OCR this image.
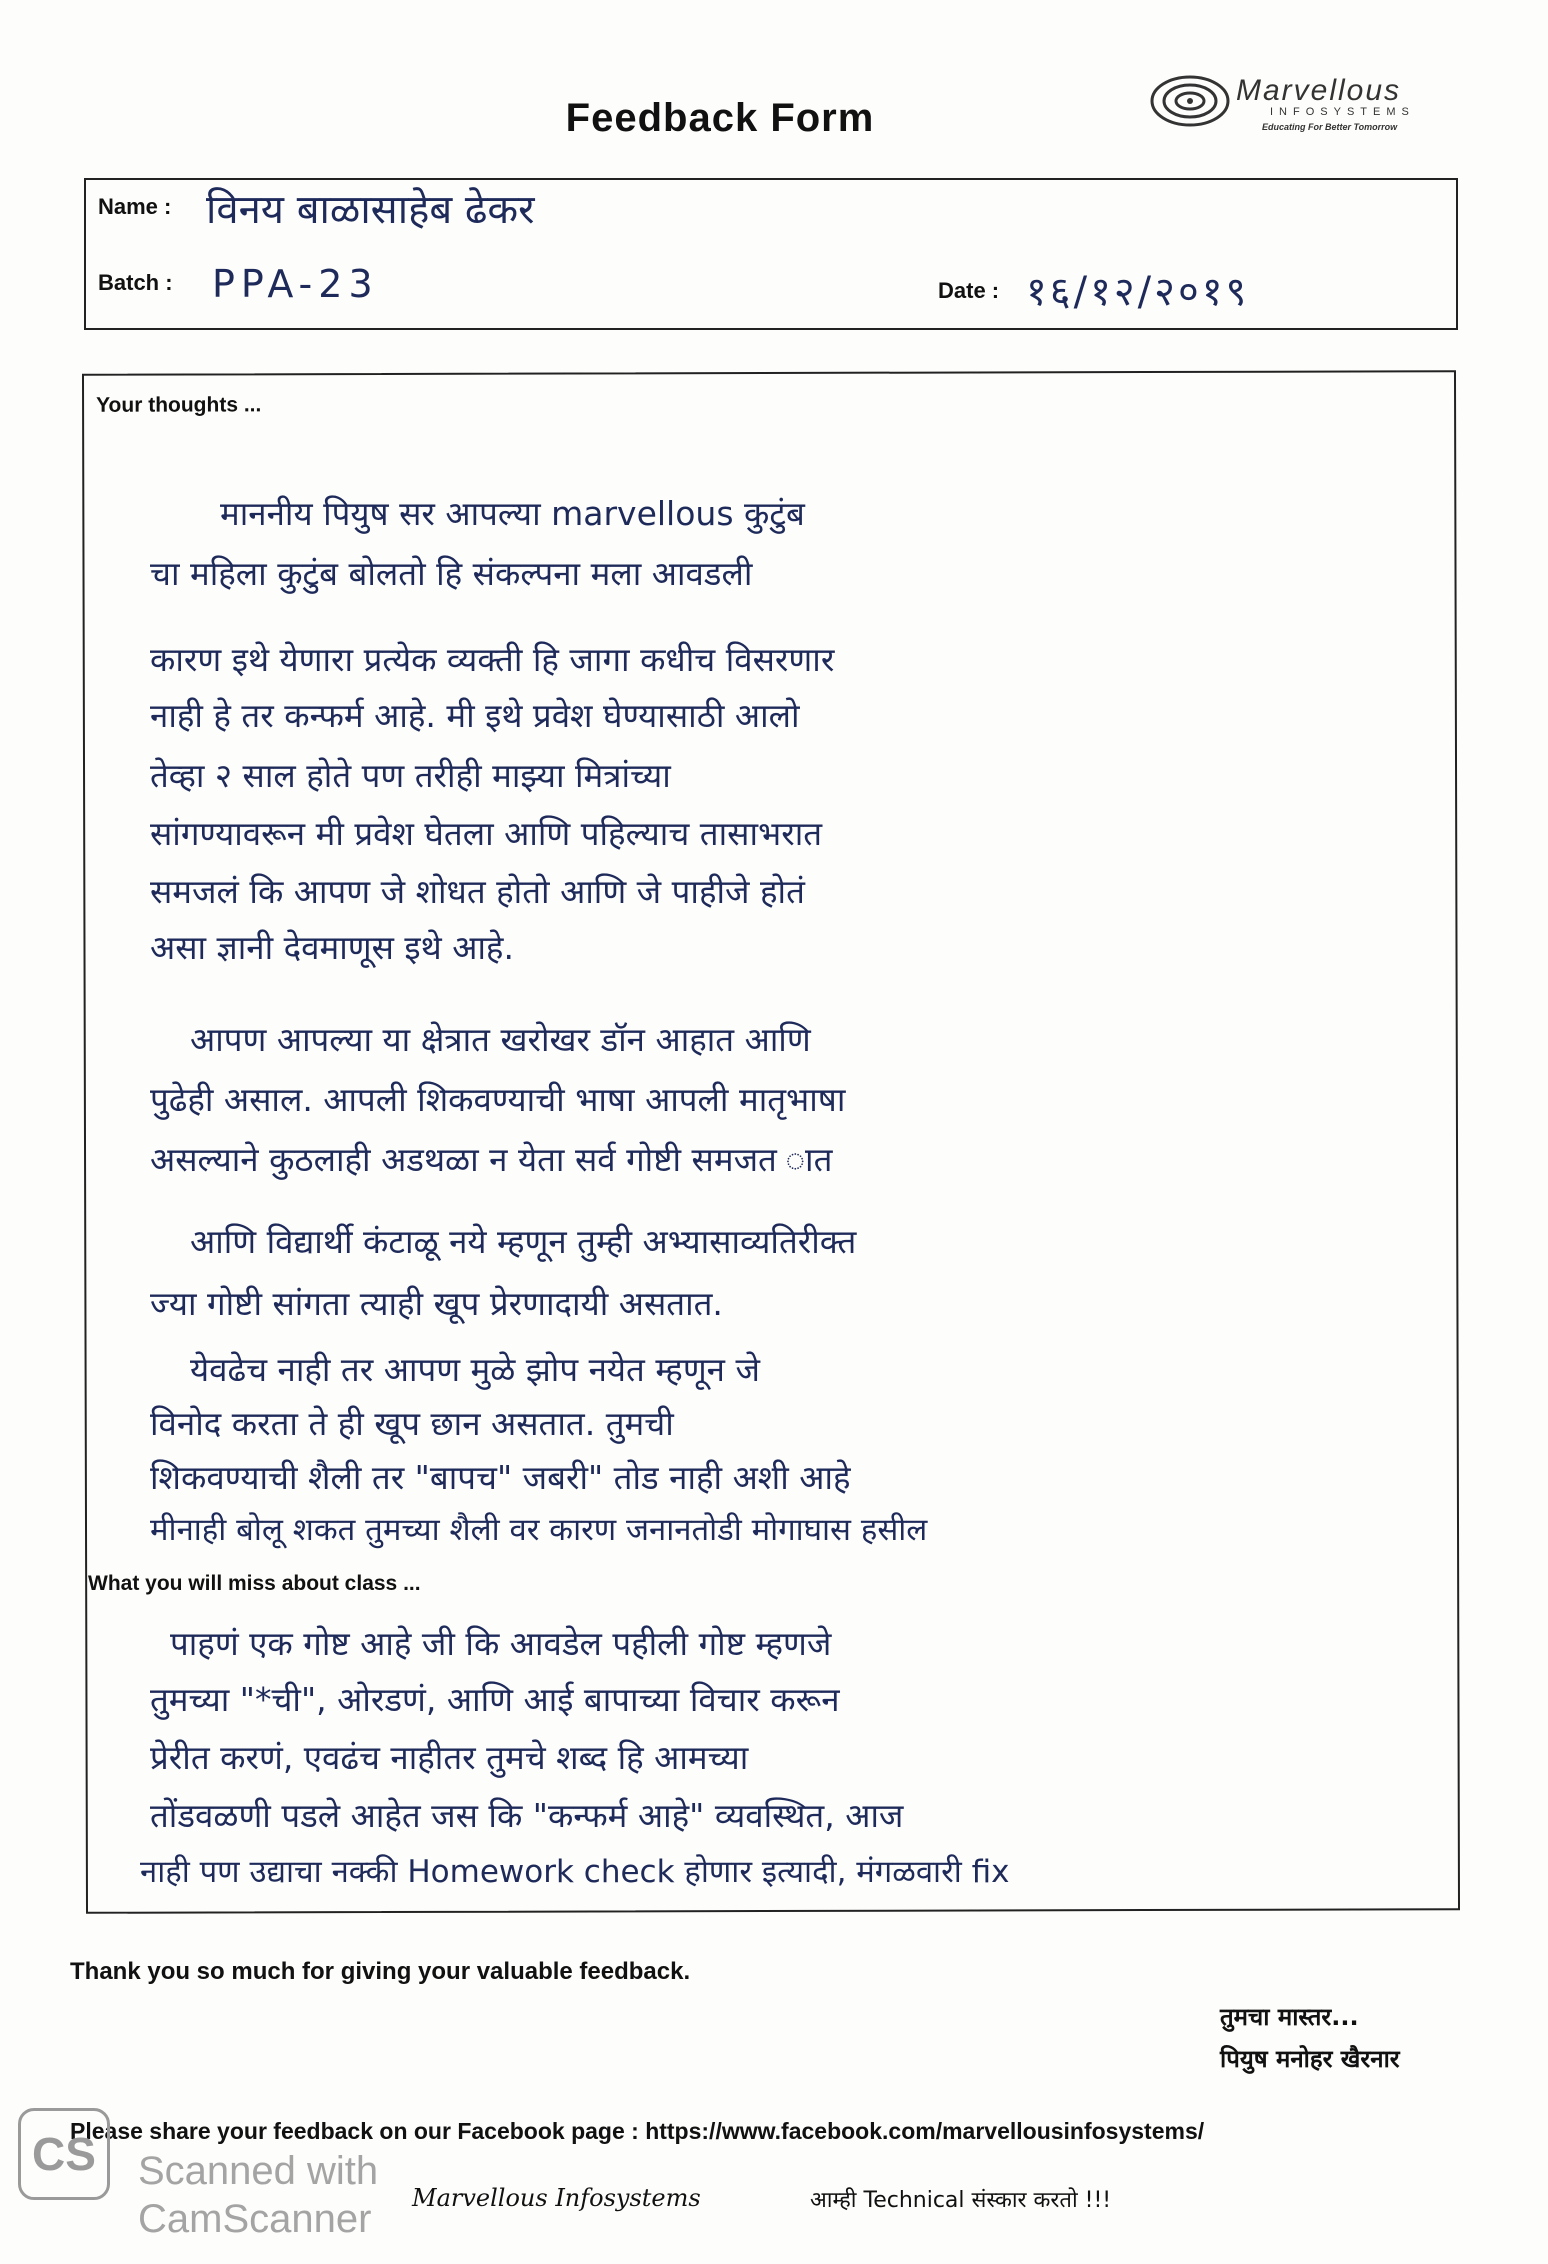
Feedback Form
Marvellous
INFOSYSTEMS
Educating For Better Tomorrow
Name : विनय बाळासाहेब ढेकर
Batch : PPA-23	Date : १६/१२/२०१९
Your thoughts ...
माननीय पियुष सर आपल्या marvellous कुटुंब
चा महिला कुटुंब बोलतो हि संकल्पना मला आवडली
कारण इथे येणारा प्रत्येक व्यक्ती हि जागा कधीच विसरणार
नाही हे तर कन्फर्म आहे. मी इथे प्रवेश घेण्यासाठी आलो
तेव्हा २ साल होते पण तरीही माझ्या मित्रांच्या
सांगण्यावरून मी प्रवेश घेतला आणि पहिल्याच तासाभरात
समजलं कि आपण जे शोधत होतो आणि जे पाहीजे होतं
असा ज्ञानी देवमाणूस इथे आहे.
आपण आपल्या या क्षेत्रात खरोखर डॉन आहात आणि
पुढेही असाल. आपली शिकवण्याची भाषा आपली मातृभाषा
असल्याने कुठलाही अडथळा न येता सर्व गोष्टी समजत ात
आणि विद्यार्थी कंटाळू नये म्हणून तुम्ही अभ्यासाव्यतिरीक्त
ज्या गोष्टी सांगता त्याही खूप प्रेरणादायी असतात.
येवढेच नाही तर आपण मुळे झोप नयेत म्हणून जे
विनोद करता ते ही खूप छान असतात. तुमची
शिकवण्याची शैली तर "बापच" जबरी" तोड नाही अशी आहे
मीनाही बोलू शकत तुमच्या शैली वर कारण जनानतोडी मोगाघास हसील
What you will miss about class ...
पाहणं एक गोष्ट आहे जी कि आवडेल पहीली गोष्ट म्हणजे
तुमच्या "*ची", ओरडणं, आणि आई बापाच्या विचार करून
प्रेरीत करणं, एवढंच नाहीतर तुमचे शब्द हि आमच्या
तोंडवळणी पडले आहेत जस कि "कन्फर्म आहे" व्यवस्थित, आज
नाही पण उद्याचा नक्की Homework check होणार इत्यादी, मंगळवारी fix
Thank you so much for giving your valuable feedback.
तुमचा मास्तर...
पियुष मनोहर खैरनार
Please share your feedback on our Facebook page : https://www.facebook.com/marvellousinfosystems/
CS	Scanned with
CamScanner Marvellous Infosystems	आम्ही Technical संस्कार करतो !!!
